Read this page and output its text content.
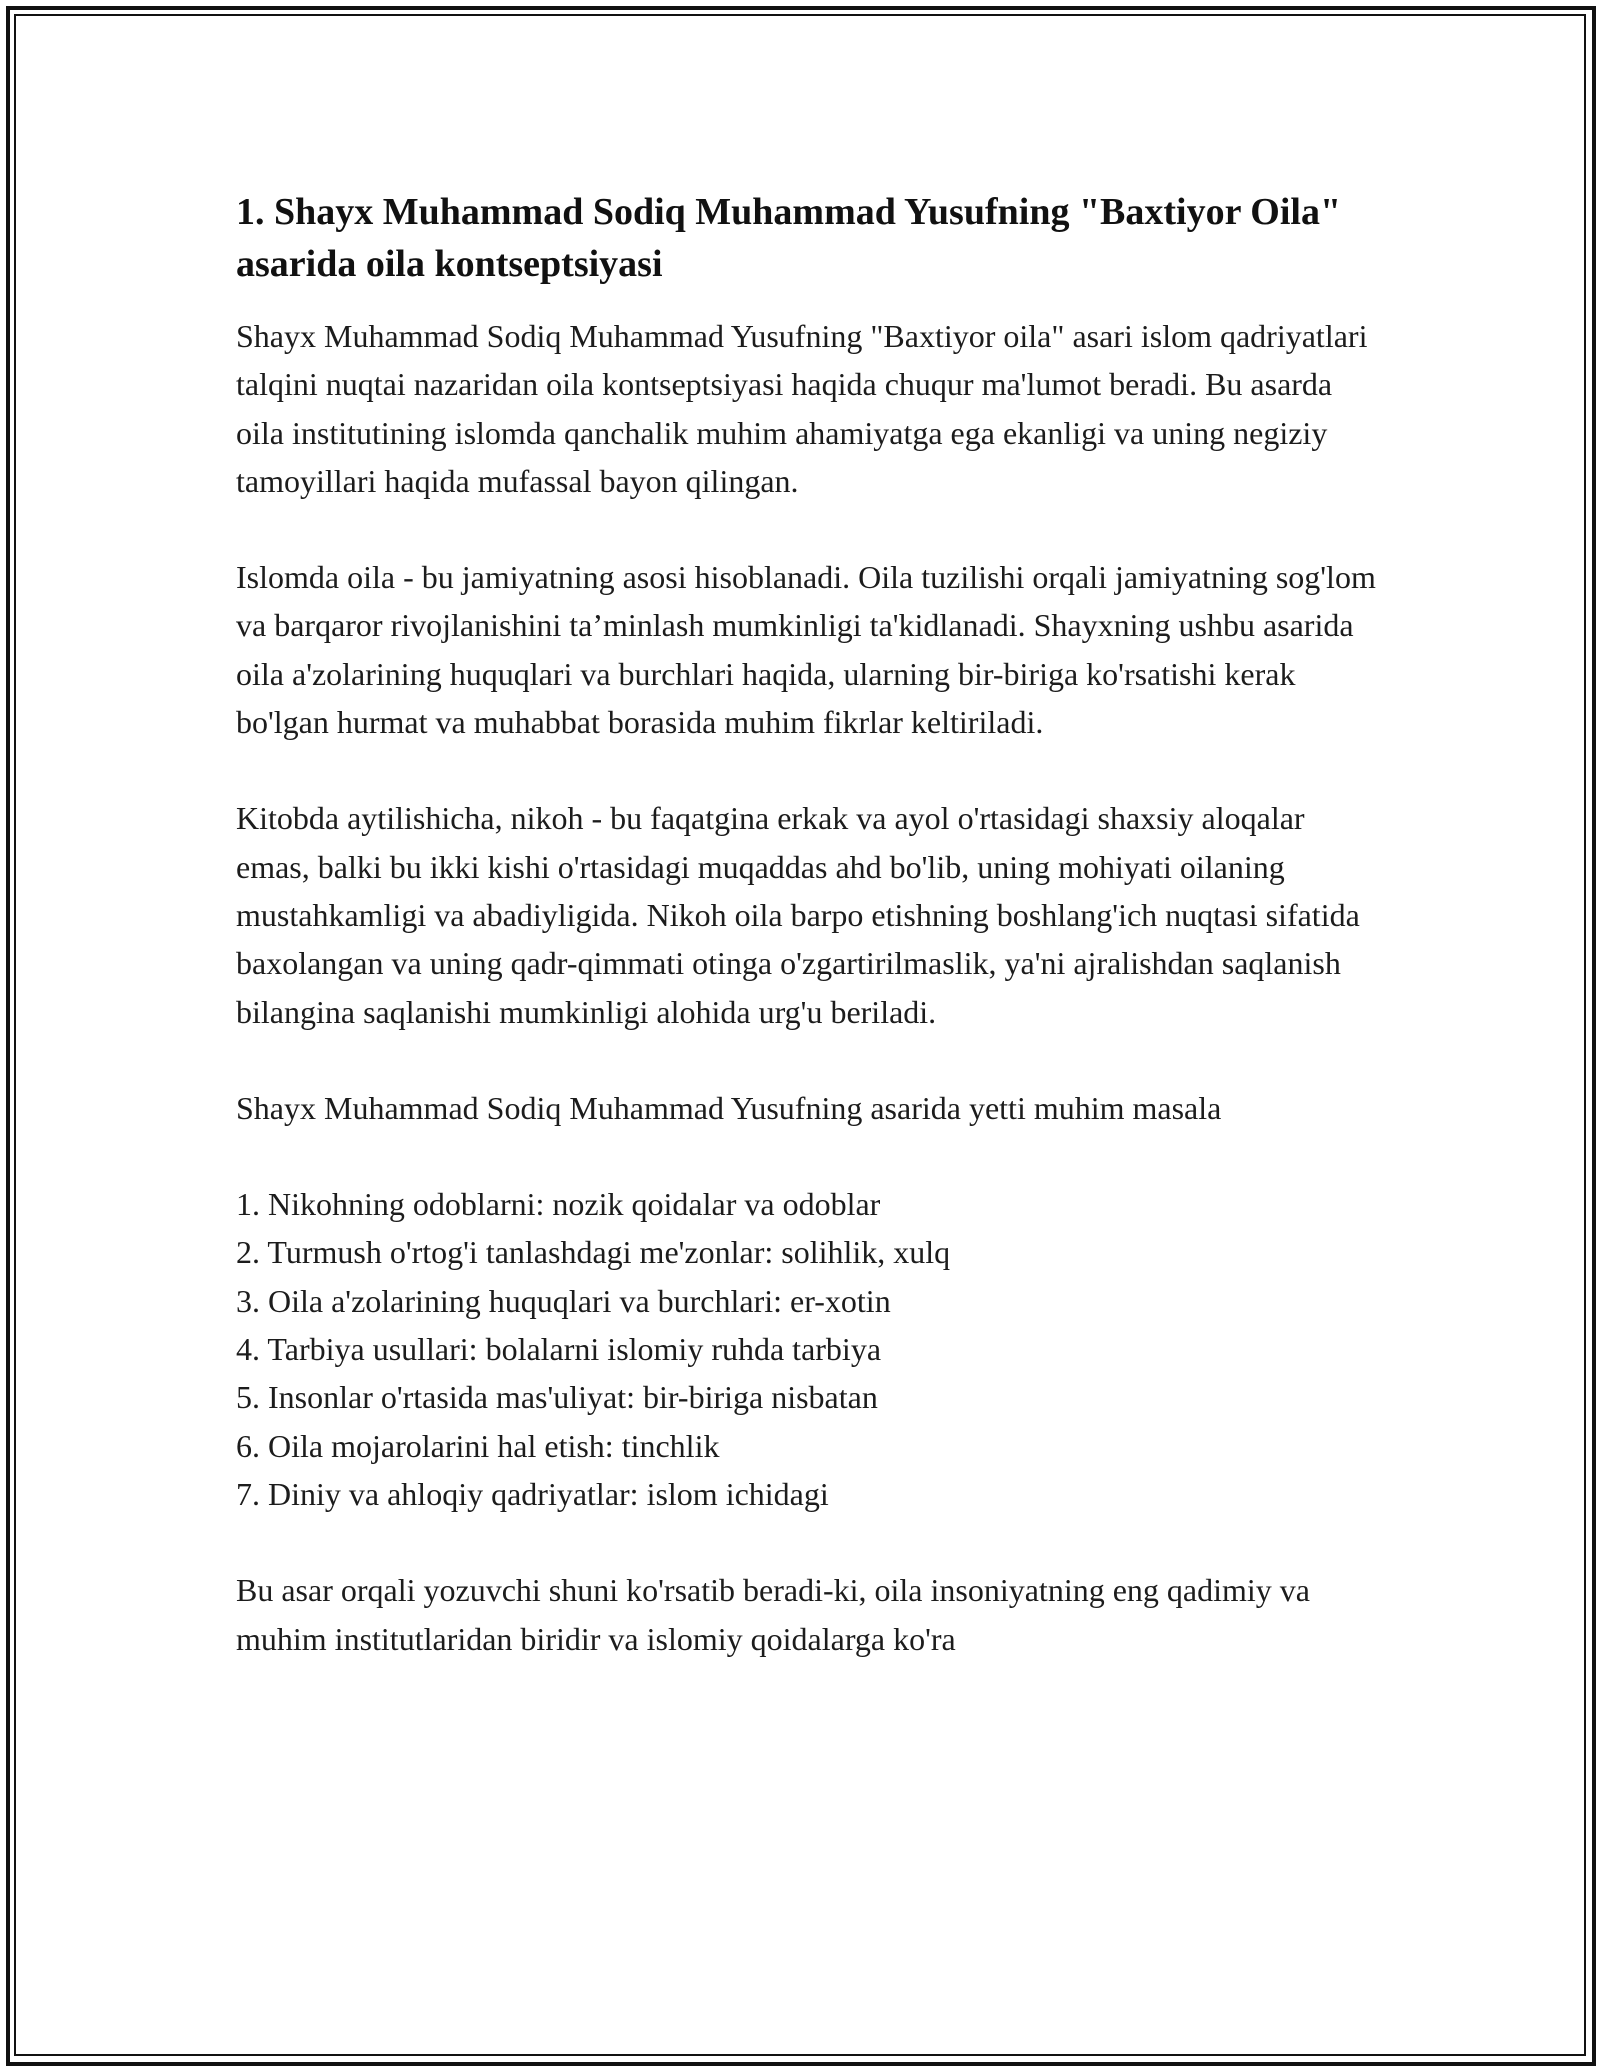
1. Shayx Muhammad Sodiq Muhammad Yusufning "Baxtiyor Oila" asarida oila kontseptsiyasi

Shayx Muhammad Sodiq Muhammad Yusufning "Baxtiyor oila" asari islom qadriyatlari talqini nuqtai nazaridan oila kontseptsiyasi haqida chuqur ma'lumot beradi. Bu asarda oila institutining islomda qanchalik muhim ahamiyatga ega ekanligi va uning negiziy tamoyillari haqida mufassal bayon qilingan.

Islomda oila - bu jamiyatning asosi hisoblanadi. Oila tuzilishi orqali jamiyatning sog'lom va barqaror rivojlanishini ta’minlash mumkinligi ta'kidlanadi. Shayxning ushbu asarida oila a'zolarining huquqlari va burchlari haqida, ularning bir-biriga ko'rsatishi kerak bo'lgan hurmat va muhabbat borasida muhim fikrlar keltiriladi.

Kitobda aytilishicha, nikoh - bu faqatgina erkak va ayol o'rtasidagi shaxsiy aloqalar emas, balki bu ikki kishi o'rtasidagi muqaddas ahd bo'lib, uning mohiyati oilaning mustahkamligi va abadiyligida. Nikoh oila barpo etishning boshlang'ich nuqtasi sifatida baxolangan va uning qadr-qimmati otinga o'zgartirilmaslik, ya'ni ajralishdan saqlanish bilangina saqlanishi mumkinligi alohida urg'u beriladi.

Shayx Muhammad Sodiq Muhammad Yusufning asarida yetti muhim masala

1. Nikohning odoblarni: nozik qoidalar va odoblar
2. Turmush o'rtog'i tanlashdagi me'zonlar: solihlik, xulq
3. Oila a'zolarining huquqlari va burchlari: er-xotin
4. Tarbiya usullari: bolalarni islomiy ruhda tarbiya
5. Insonlar o'rtasida mas'uliyat: bir-biriga nisbatan
6. Oila mojarolarini hal etish: tinchlik
7. Diniy va ahloqiy qadriyatlar: islom ichidagi

Bu asar orqali yozuvchi shuni ko'rsatib beradi-ki, oila insoniyatning eng qadimiy va muhim institutlaridan biridir va islomiy qoidalarga ko'ra
